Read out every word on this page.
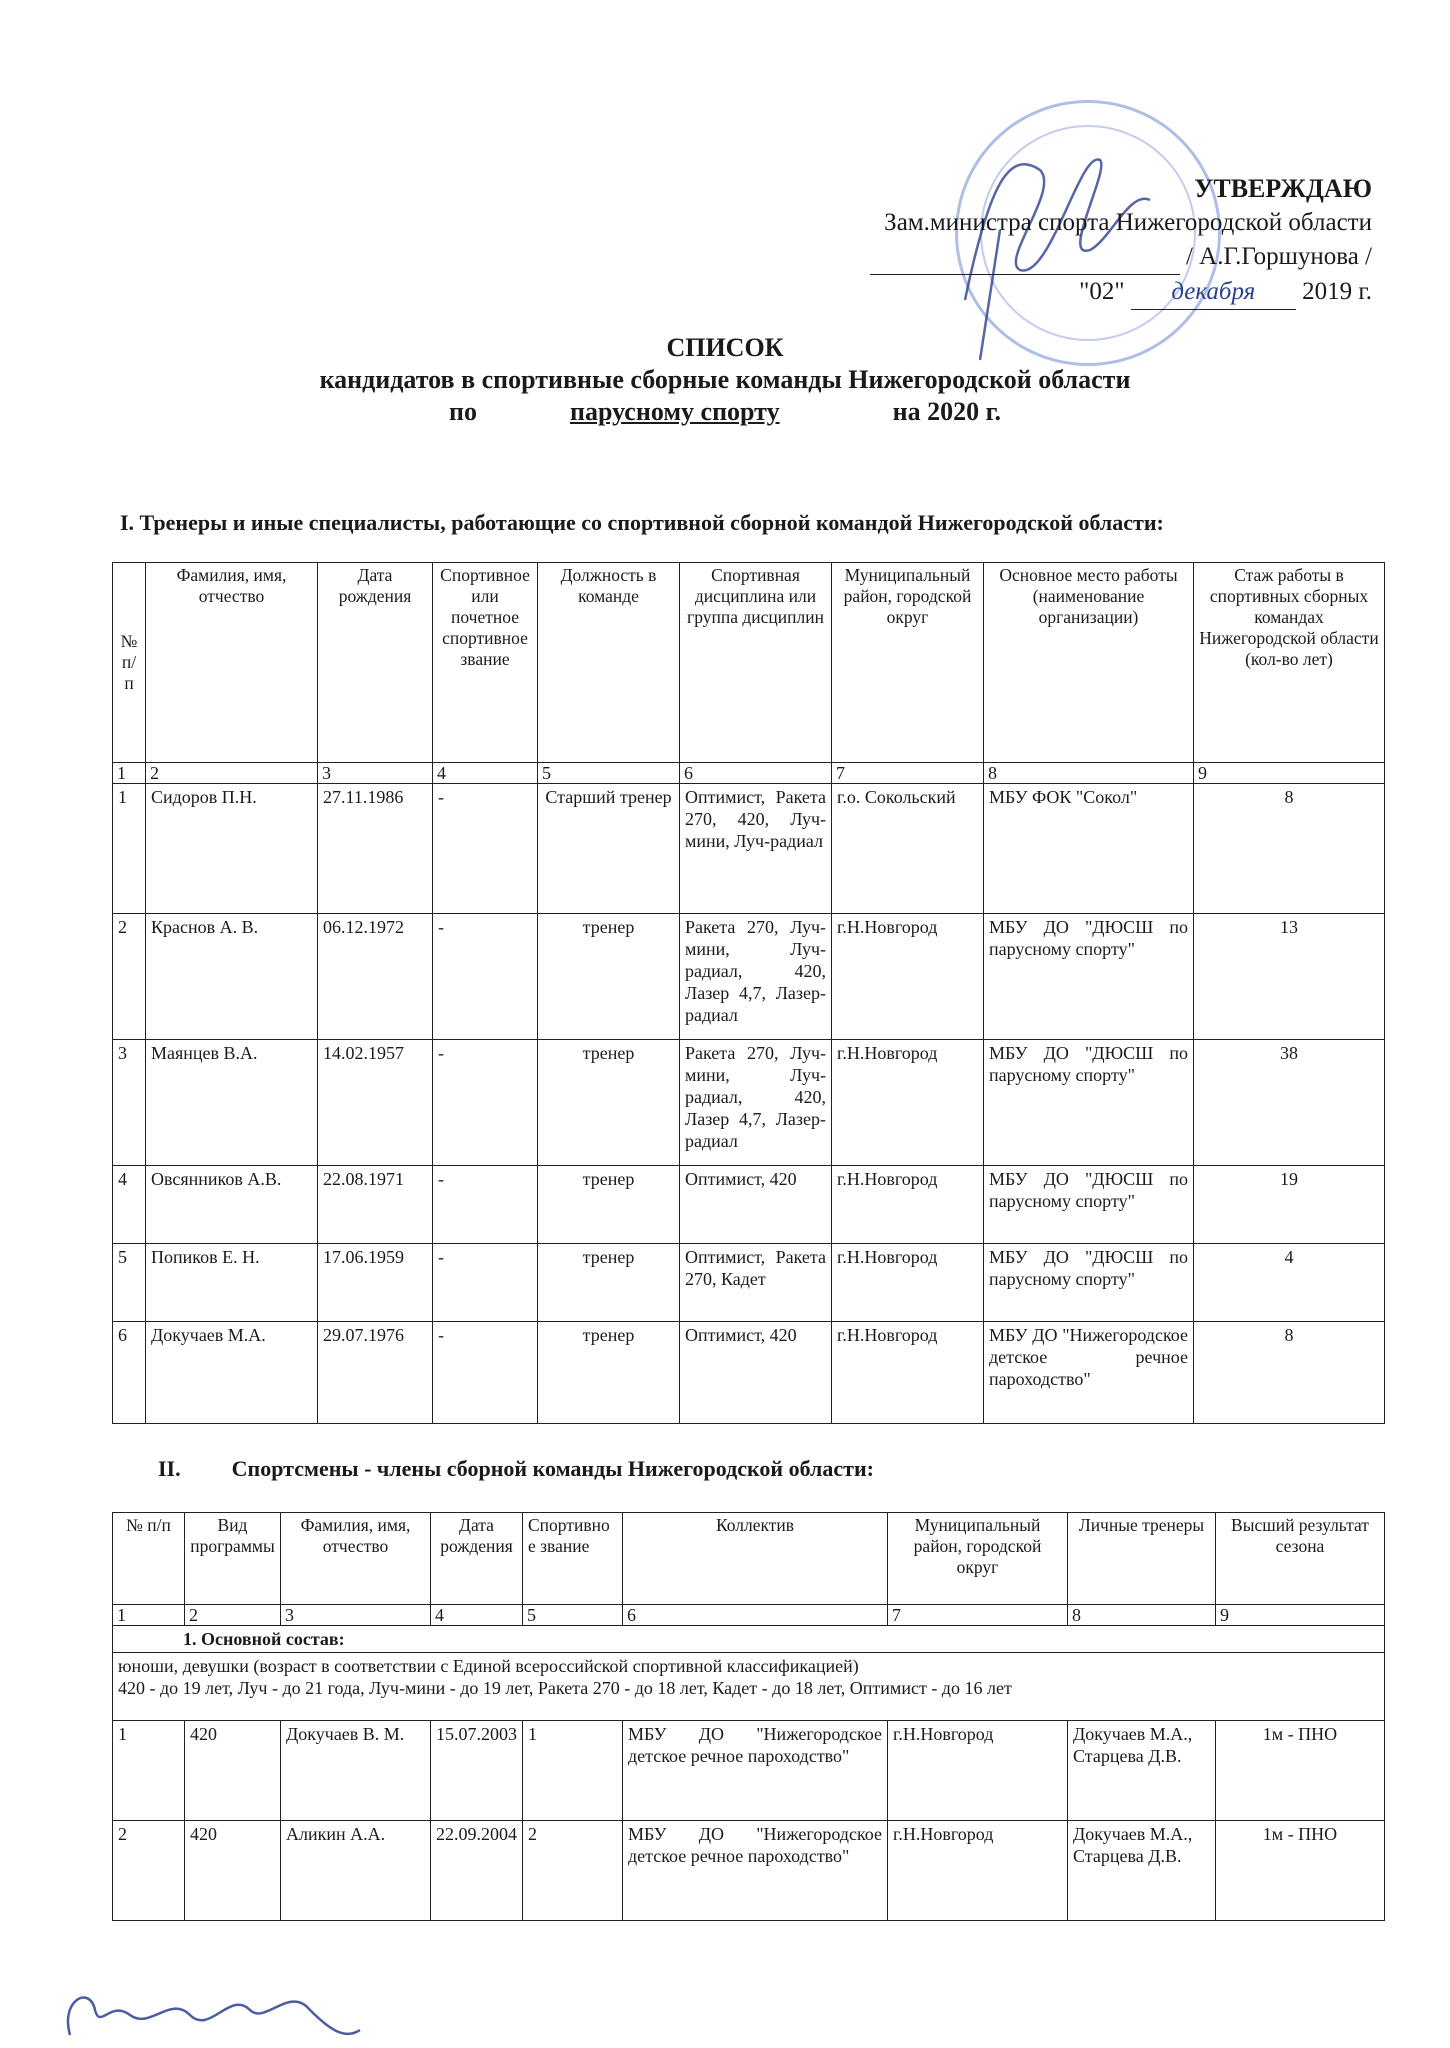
УТВЕРЖДАЮ
Зам.министра спорта Нижегородской области
/ А.Г.Горшунова /
"02" декабря 2019 г.
СПИСОК
кандидатов в спортивные сборные команды Нижегородской области
по	парусному спорту	на 2020 г.
I. Тренеры и иные специалисты, работающие со спортивной сборной командой Нижегородской области:
№ п/п	Фамилия, имя, отчество	Дата рождения	Спортивное или почетное спортивное звание	Должность в команде	Спортивная дисциплина или группа дисциплин	Муниципальный район, городской округ	Основное место работы (наименование организации)	Стаж работы в спортивных сборных командах Нижегородской области (кол-во лет)
1	2	3	4	5	6	7	8	9
1	Сидоров П.Н.	27.11.1986	-	Старший тренер	Оптимист, Ракета 270, 420, Луч-мини, Луч-радиал	г.о. Сокольский	МБУ ФОК "Сокол"	8
2	Краснов А. В.	06.12.1972	-	тренер	Ракета 270, Луч-мини, Луч-радиал, 420, Лазер 4,7, Лазер-радиал	г.Н.Новгород	МБУ ДО "ДЮСШ по парусному спорту"	13
3	Маянцев В.А.	14.02.1957	-	тренер	Ракета 270, Луч-мини, Луч-радиал, 420, Лазер 4,7, Лазер-радиал	г.Н.Новгород	МБУ ДО "ДЮСШ по парусному спорту"	38
4	Овсянников А.В.	22.08.1971	-	тренер	Оптимист, 420	г.Н.Новгород	МБУ ДО "ДЮСШ по парусному спорту"	19
5	Попиков Е. Н.	17.06.1959	-	тренер	Оптимист, Ракета 270, Кадет	г.Н.Новгород	МБУ ДО "ДЮСШ по парусному спорту"	4
6	Докучаев М.А.	29.07.1976	-	тренер	Оптимист, 420	г.Н.Новгород	МБУ ДО "Нижегородское детское речное пароходство"	8
II. Спортсмены - члены сборной команды Нижегородской области:
№ п/п	Вид программы	Фамилия, имя, отчество	Дата рождения	Спортивное звание	Коллектив	Муниципальный район, городской округ	Личные тренеры	Высший результат сезона
1	2	3	4	5	6	7	8	9
1. Основной состав:								

юноши, девушки (возраст в соответствии с Единой всероссийской спортивной классификацией)
420 - до 19 лет, Луч - до 21 года, Луч-мини - до 19 лет, Ракета 270 - до 18 лет, Кадет - до 18 лет, Оптимист - до 16 лет								

1	420	Докучаев В. М.	15.07.2003	1	МБУ ДО "Нижегородское детское речное пароходство"	г.Н.Новгород	Докучаев М.А., Старцева Д.В.	1м - ПНО
2	420	Аликин А.А.	22.09.2004	2	МБУ ДО "Нижегородское детское речное пароходство"	г.Н.Новгород	Докучаев М.А., Старцева Д.В.	1м - ПНО
